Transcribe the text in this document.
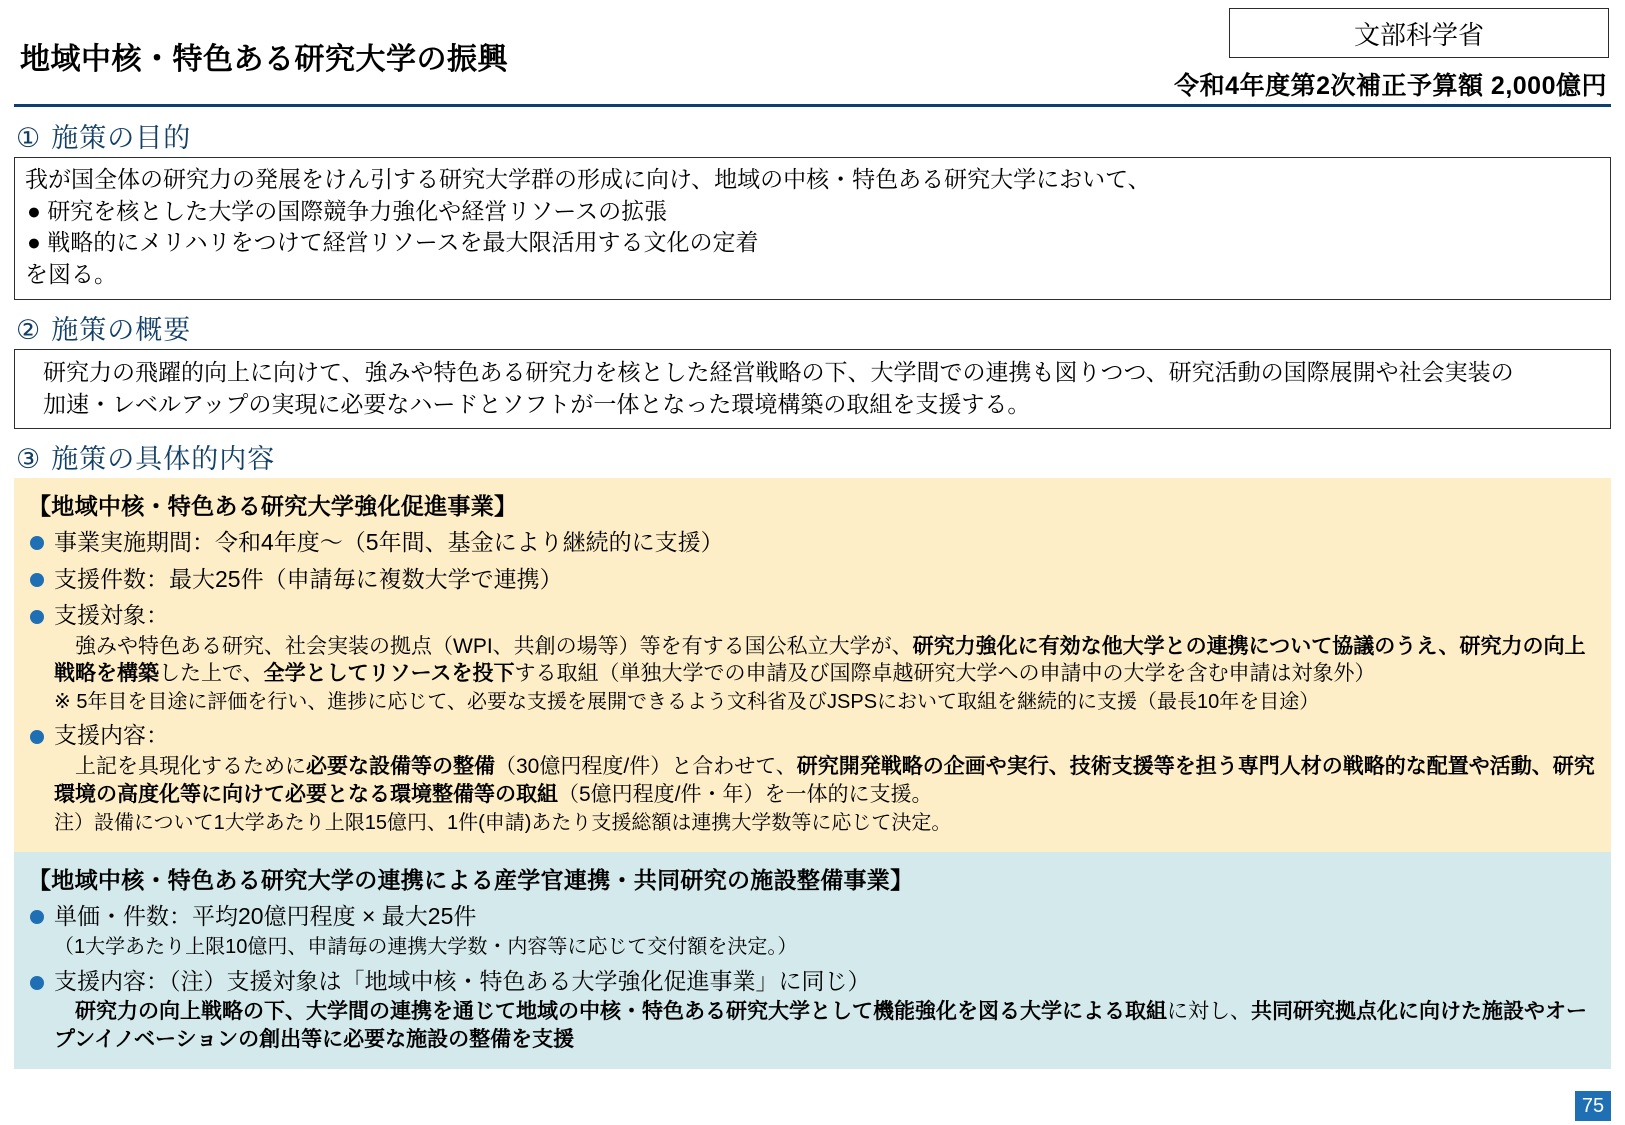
地域中核・特色ある研究大学の振興
文部科学省
令和4年度第2次補正予算額 2,000億円
① 施策の目的
我が国全体の研究力の発展をけん引する研究大学群の形成に向け、地域の中核・特色ある研究大学において、
● 研究を核とした大学の国際競争力強化や経営リソースの拡張
● 戦略的にメリハリをつけて経営リソースを最大限活用する文化の定着
を図る。
② 施策の概要
研究力の飛躍的向上に向けて、強みや特色ある研究力を核とした経営戦略の下、大学間での連携も図りつつ、研究活動の国際展開や社会実装の
加速・レベルアップの実現に必要なハードとソフトが一体となった環境構築の取組を支援する。
③ 施策の具体的内容
【地域中核・特色ある研究大学強化促進事業】
事業実施期間：令和4年度～（5年間、基金により継続的に支援）
支援件数：最大25件（申請毎に複数大学で連携）
支援対象：
　強みや特色ある研究、社会実装の拠点（WPI、共創の場等）等を有する国公私立大学が、研究力強化に有効な他大学との連携について協議のうえ、研究力の向上戦略を構築した上で、全学としてリソースを投下する取組（単独大学での申請及び国際卓越研究大学への申請中の大学を含む申請は対象外）
※ 5年目を目途に評価を行い、進捗に応じて、必要な支援を展開できるよう文科省及びJSPSにおいて取組を継続的に支援（最長10年を目途）
支援内容：
　上記を具現化するために必要な設備等の整備（30億円程度/件）と合わせて、研究開発戦略の企画や実行、技術支援等を担う専門人材の戦略的な配置や活動、研究環境の高度化等に向けて必要となる環境整備等の取組（5億円程度/件・年）を一体的に支援。
注）設備について1大学あたり上限15億円、1件(申請)あたり支援総額は連携大学数等に応じて決定。
【地域中核・特色ある研究大学の連携による産学官連携・共同研究の施設整備事業】
単価・件数：平均20億円程度 × 最大25件
（1大学あたり上限10億円、申請毎の連携大学数・内容等に応じて交付額を決定。）
支援内容：（注）支援対象は「地域中核・特色ある大学強化促進事業」に同じ）
　研究力の向上戦略の下、大学間の連携を通じて地域の中核・特色ある研究大学として機能強化を図る大学による取組に対し、共同研究拠点化に向けた施設やオープンイノベーションの創出等に必要な施設の整備を支援
75
